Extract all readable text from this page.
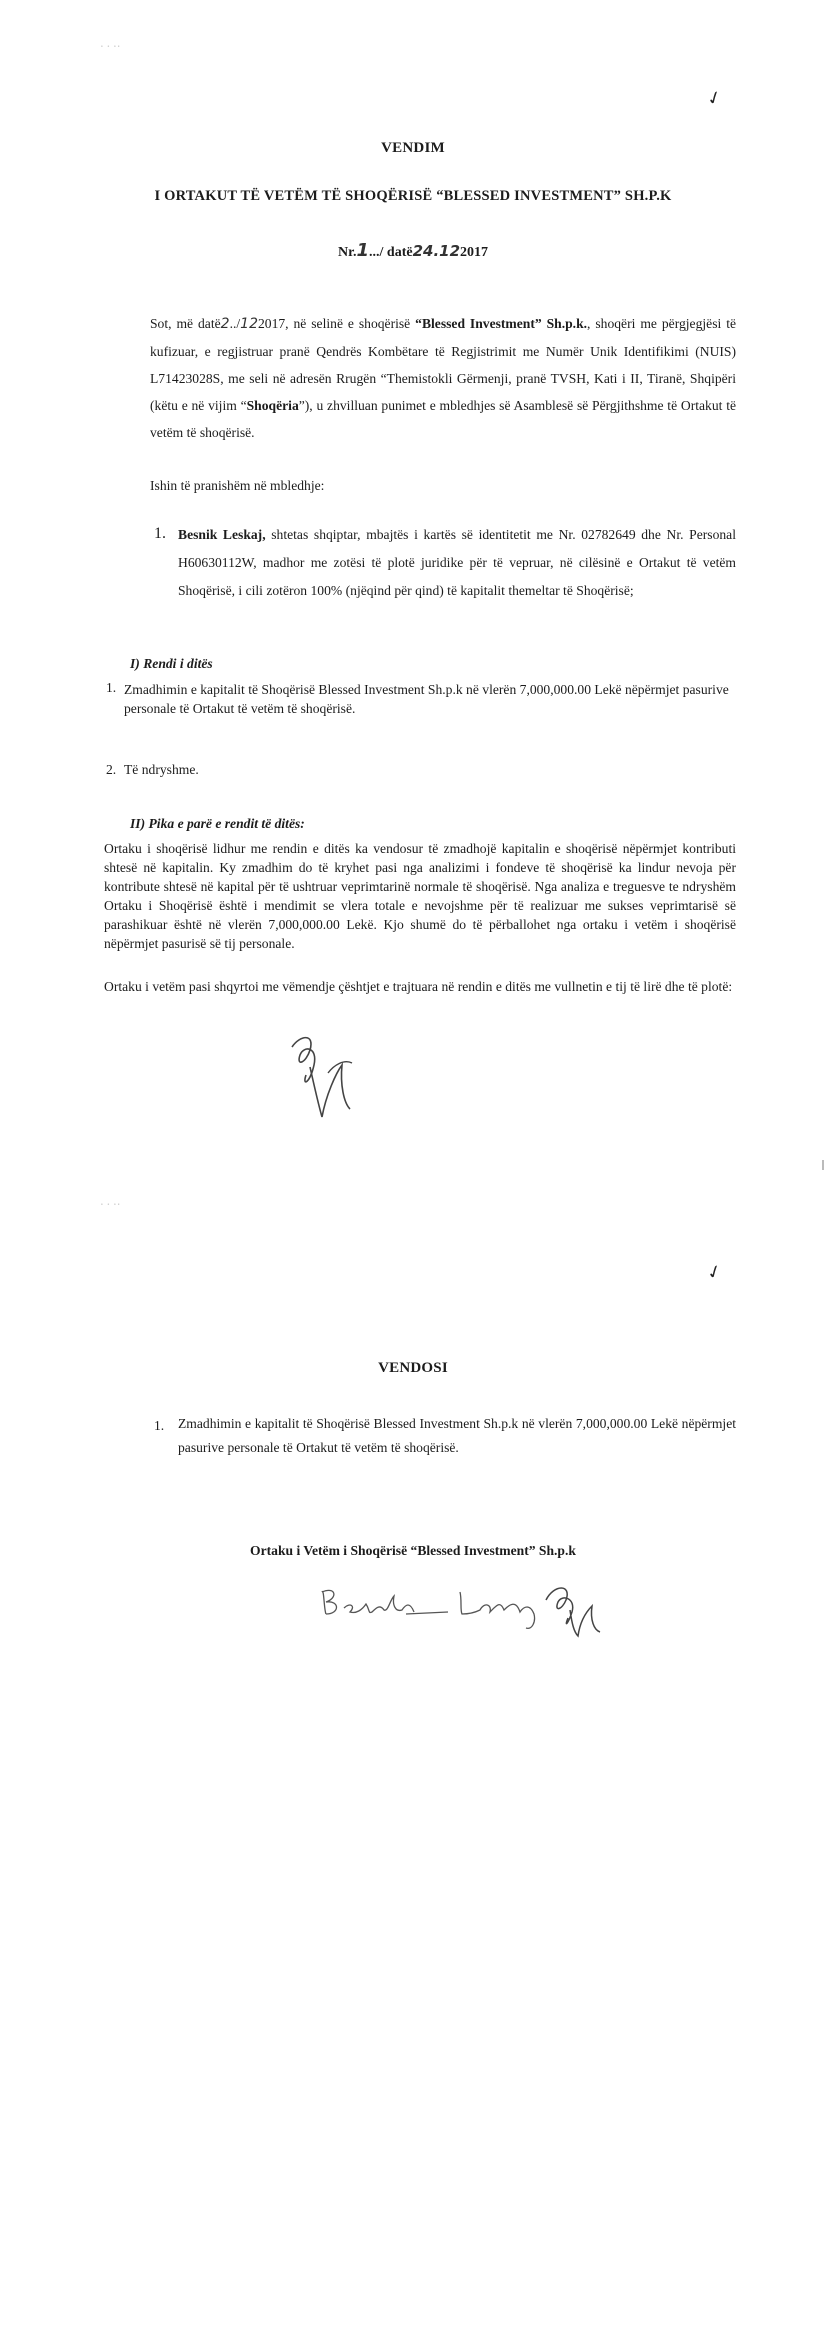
⋅ ⋅ ⋅⋅
✓
VENDIM
I ORTAKUT TË VETËM TË SHOQËRISË “BLESSED INVESTMENT” SH.P.K
Nr.1.../ datë24.122017
Sot, më datë2../122017, në selinë e shoqërisë “Blessed Investment” Sh.p.k., shoqëri me përgjegjësi të kufizuar, e regjistruar pranë Qendrës Kombëtare të Regjistrimit me Numër Unik Identifikimi (NUIS) L71423028S, me seli në adresën Rrugën “Themistokli Gërmenji, pranë TVSH, Kati i II, Tiranë, Shqipëri (këtu e në vijim “Shoqëria”), u zhvilluan punimet e mbledhjes së Asamblesë së Përgjithshme të Ortakut të vetëm të shoqërisë.
Ishin të pranishëm në mbledhje:
1. Besnik Leskaj, shtetas shqiptar, mbajtës i kartës së identitetit me Nr. 02782649 dhe Nr. Personal H60630112W, madhor me zotësi të plotë juridike për të vepruar, në cilësinë e Ortakut të vetëm Shoqërisë, i cili zotëron 100% (njëqind për qind) të kapitalit themeltar të Shoqërisë;
I) Rendi i ditës
1. Zmadhimin e kapitalit të Shoqërisë Blessed Investment Sh.p.k në vlerën 7,000,000.00 Lekë nëpërmjet pasurive personale të Ortakut të vetëm të shoqërisë.
2. Të ndryshme.
II) Pika e parë e rendit të ditës:
Ortaku i shoqërisë lidhur me rendin e ditës ka vendosur të zmadhojë kapitalin e shoqërisë nëpërmjet kontributi shtesë në kapitalin. Ky zmadhim do të kryhet pasi nga analizimi i fondeve të shoqërisë ka lindur nevoja për kontribute shtesë në kapital për të ushtruar veprimtarinë normale të shoqërisë. Nga analiza e treguesve te ndryshëm Ortaku i Shoqërisë është i mendimit se vlera totale e nevojshme për të realizuar me sukses veprimtarisë së parashikuar është në vlerën 7,000,000.00 Lekë. Kjo shumë do të përballohet nga ortaku i vetëm i shoqërisë nëpërmjet pasurisë së tij personale.
Ortaku i vetëm pasi shqyrtoi me vëmendje çështjet e trajtuara në rendin e ditës me vullnetin e tij të lirë dhe të plotë:
⋅ ⋅ ⋅⋅
✓
VENDOSI
1. Zmadhimin e kapitalit të Shoqërisë Blessed Investment Sh.p.k në vlerën 7,000,000.00 Lekë nëpërmjet pasurive personale të Ortakut të vetëm të shoqërisë.
Ortaku i Vetëm i Shoqërisë “Blessed Investment” Sh.p.k
